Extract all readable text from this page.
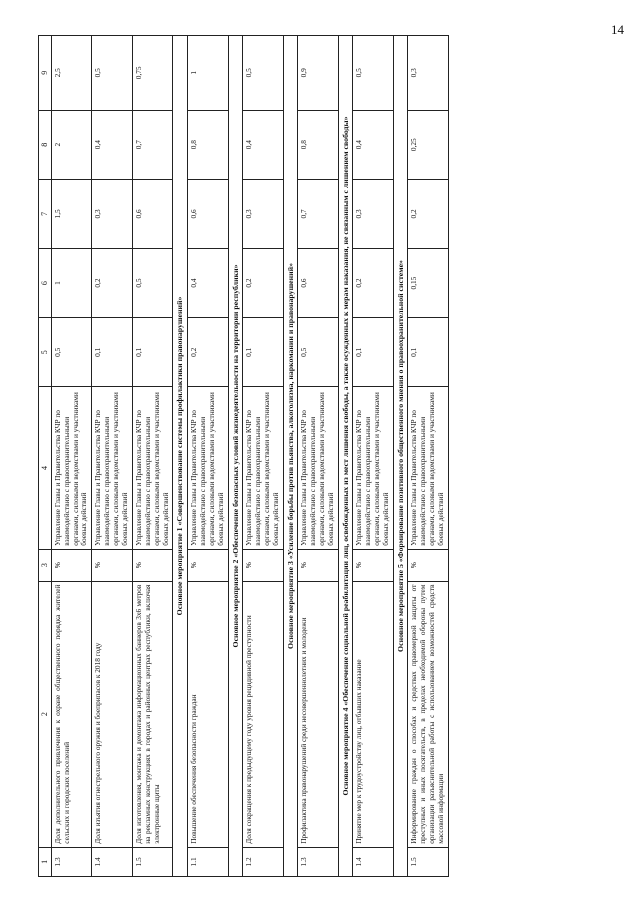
14
1	2	3	4	5	6	7	8	9
1.3	Доля дополнительного привлечения к охране общественного порядка жителей сельских и городских поселений	%	Управление Главы и Правительства КЧР по взаимодействию с правоохранительными органами, силовыми ведомствами и участниками боевых действий	0,5	1	1,5	2	2,5
1.4	Доля изъятия огнестрельного оружия и боеприпасов к 2018 году	%	Управление Главы и Правительства КЧР по взаимодействию с правоохранительными органами, силовыми ведомствами и участниками боевых действий	0,1	0,2	0,3	0,4	0,5
1.5	Доля изготовления, монтажа и демонтажа информационных баннеров 3х6 метров на рекламных конструкциях в городах и районных центрах республики, включая электронные щиты	%	Управление Главы и Правительства КЧР по взаимодействию с правоохранительными органами, силовыми ведомствами и участниками боевых действий	0,1	0,5	0,6	0,7	0,75
Основное мероприятие 1 «Совершенствование системы профилактики правонарушений»								
1.1	Повышение обеспечения безопасности граждан	%	Управление Главы и Правительства КЧР по взаимодействию с правоохранительными органами, силовыми ведомствами и участниками боевых действий	0,2	0,4	0,6	0,8	1
Основное мероприятие 2 «Обеспечение безопасных условий жизнедеятельности на территории республики»								
1.2	Доля сокращения к предыдущему году уровня рецидивной преступности	%	Управление Главы и Правительства КЧР по взаимодействию с правоохранительными органами, силовыми ведомствами и участниками боевых действий	0,1	0,2	0,3	0,4	0,5
Основное мероприятие 3 «Усиление борьбы против пьянства, алкоголизма, наркомании и правонарушений»								
1.3	Профилактика правонарушений среди несовершеннолетних и молодежи	%	Управление Главы и Правительства КЧР по взаимодействию с правоохранительными органами, силовыми ведомствами и участниками боевых действий	0,5	0,6	0,7	0,8	0,9
Основное мероприятие 4 «Обеспечение социальной реабилитации лиц, освобожденных из мест лишения свободы, а также осужденных к мерам наказания, не связанным с лишением свободы»								
1.4	Принятие мер к трудоустройству лиц, отбывших наказание	%	Управление Главы и Правительства КЧР по взаимодействию с правоохранительными органами, силовыми ведомствами и участниками боевых действий	0,1	0,2	0,3	0,4	0,5
Основное мероприятие 5 «Формирование позитивного общественного мнения о правоохранительной системе»								
1.5	Информирование граждан о способах и средствах правомерной защиты от преступных и иных посягательств, в пределах необходимой обороны путем организации разъяснительной работы с использованием возможностей средств массовой информации	%	Управление Главы и Правительства КЧР по взаимодействию с правоохранительными органами, силовыми ведомствами и участниками боевых действий	0,1	0,15	0,2	0,25	0,3
